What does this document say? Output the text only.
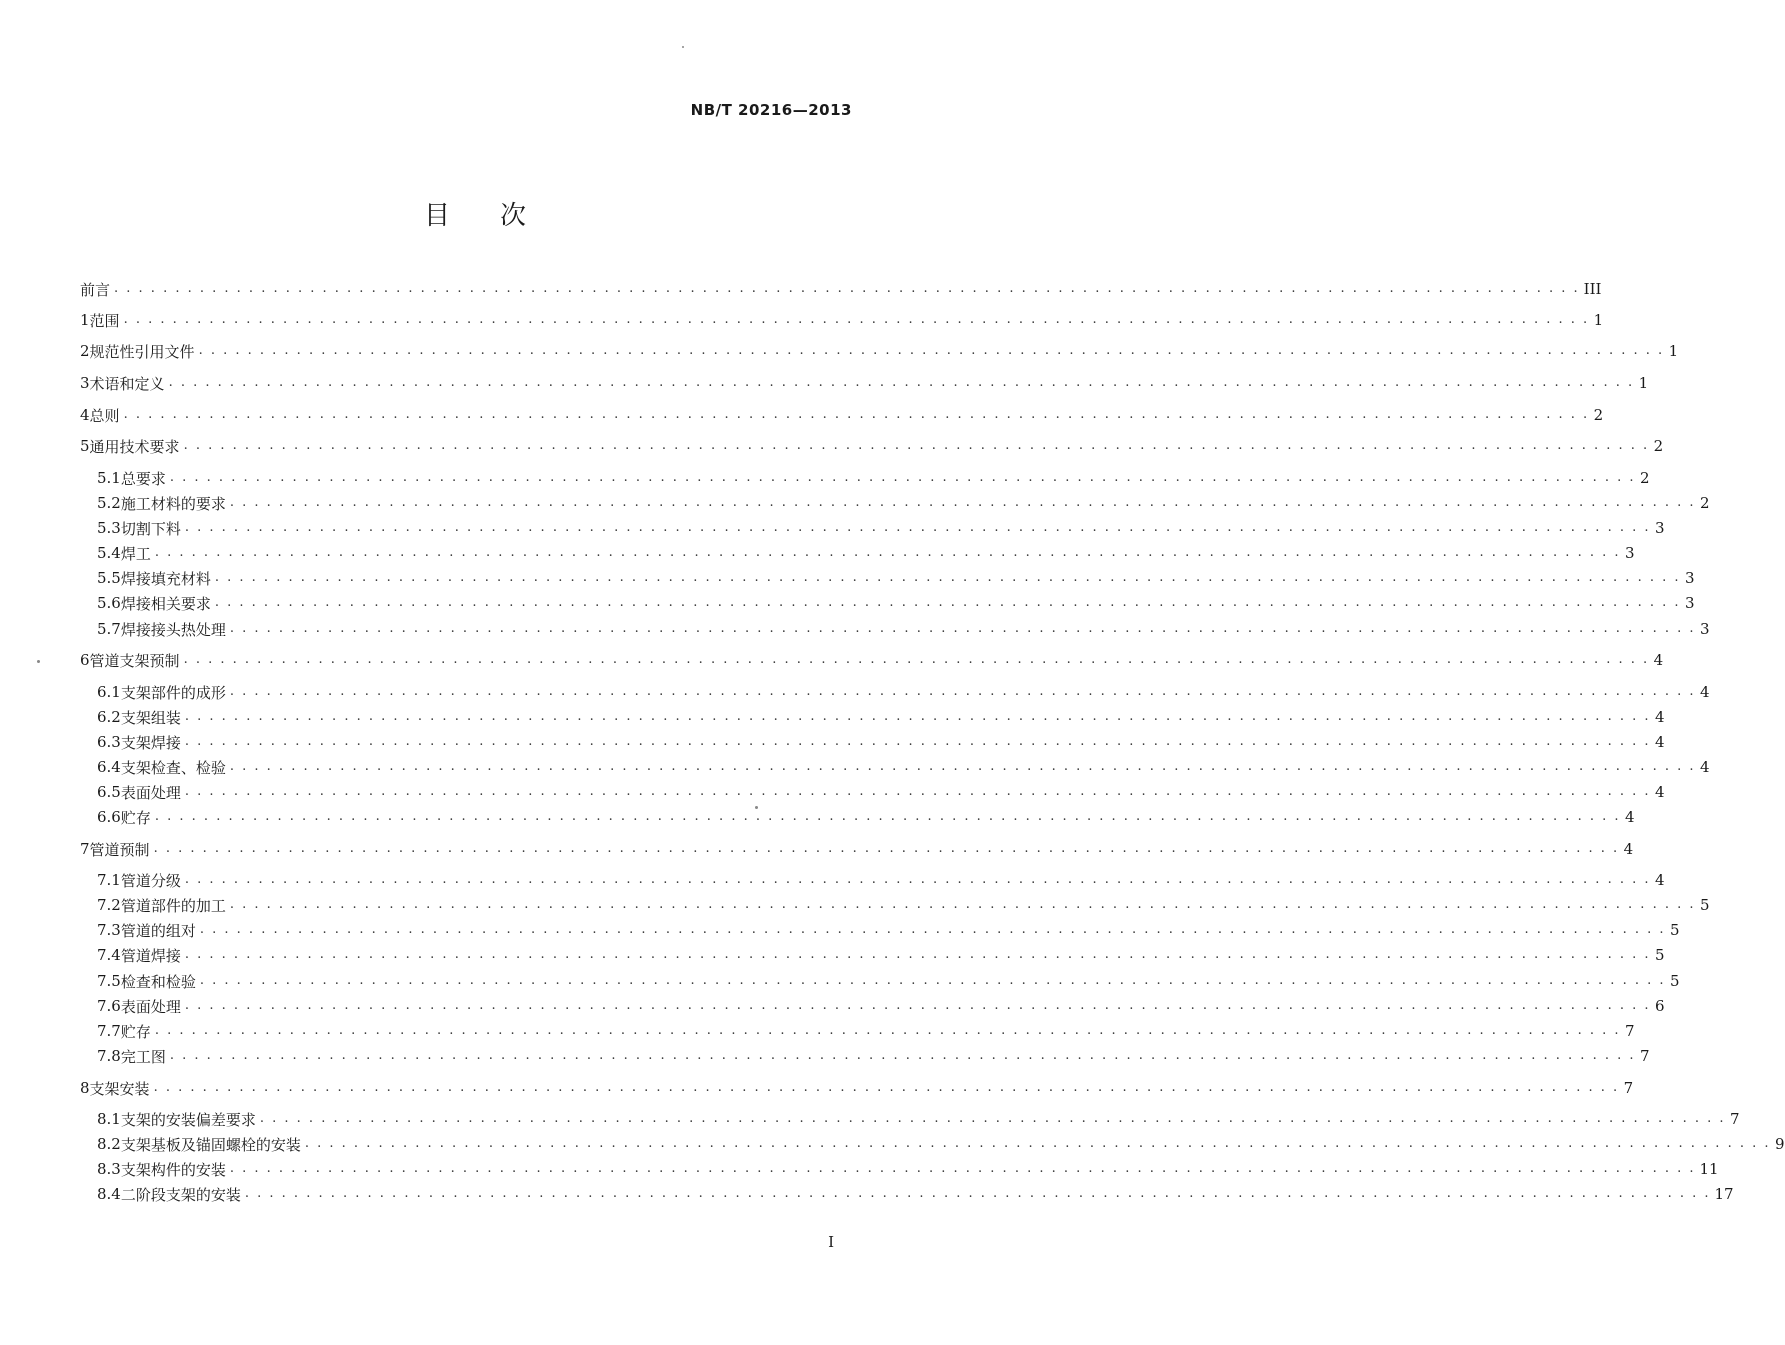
NB/T 20216—2013
目 次
前言 . . . . . . . . . . . . . . . . . . . . . . . . . . . . . . . . . . . . . . . . . . . . . . . . . . . . . . . . . . . . . . . . . . . . . . . . . . . . . . . . . . . . . . . . . . . . . . . . . . . . . . . . . . . . . . . . . . . . . . . . III
1 范围 . . . . . . . . . . . . . . . . . . . . . . . . . . . . . . . . . . . . . . . . . . . . . . . . . . . . . . . . . . . . . . . . . . . . . . . . . . . . . . . . . . . . . . . . . . . . . . . . . . . . . . . . . . . . . . . . . . . . . . . . 1
2 规范性引用文件 . . . . . . . . . . . . . . . . . . . . . . . . . . . . . . . . . . . . . . . . . . . . . . . . . . . . . . . . . . . . . . . . . . . . . . . . . . . . . . . . . . . . . . . . . . . . . . . . . . . . . . . . . . . . . . . . . . . . . . . . 1
3 术语和定义 . . . . . . . . . . . . . . . . . . . . . . . . . . . . . . . . . . . . . . . . . . . . . . . . . . . . . . . . . . . . . . . . . . . . . . . . . . . . . . . . . . . . . . . . . . . . . . . . . . . . . . . . . . . . . . . . . . . . . . . . 1
4 总则 . . . . . . . . . . . . . . . . . . . . . . . . . . . . . . . . . . . . . . . . . . . . . . . . . . . . . . . . . . . . . . . . . . . . . . . . . . . . . . . . . . . . . . . . . . . . . . . . . . . . . . . . . . . . . . . . . . . . . . . . 2
5 通用技术要求 . . . . . . . . . . . . . . . . . . . . . . . . . . . . . . . . . . . . . . . . . . . . . . . . . . . . . . . . . . . . . . . . . . . . . . . . . . . . . . . . . . . . . . . . . . . . . . . . . . . . . . . . . . . . . . . . . . . . . . . . 2
5.1 总要求 . . . . . . . . . . . . . . . . . . . . . . . . . . . . . . . . . . . . . . . . . . . . . . . . . . . . . . . . . . . . . . . . . . . . . . . . . . . . . . . . . . . . . . . . . . . . . . . . . . . . . . . . . . . . . . . . . . . . . . . . 2
5.2 施工材料的要求 . . . . . . . . . . . . . . . . . . . . . . . . . . . . . . . . . . . . . . . . . . . . . . . . . . . . . . . . . . . . . . . . . . . . . . . . . . . . . . . . . . . . . . . . . . . . . . . . . . . . . . . . . . . . . . . . . . . . . . . . 2
5.3 切割下料 . . . . . . . . . . . . . . . . . . . . . . . . . . . . . . . . . . . . . . . . . . . . . . . . . . . . . . . . . . . . . . . . . . . . . . . . . . . . . . . . . . . . . . . . . . . . . . . . . . . . . . . . . . . . . . . . . . . . . . . . 3
5.4 焊工 . . . . . . . . . . . . . . . . . . . . . . . . . . . . . . . . . . . . . . . . . . . . . . . . . . . . . . . . . . . . . . . . . . . . . . . . . . . . . . . . . . . . . . . . . . . . . . . . . . . . . . . . . . . . . . . . . . . . . . . . 3
5.5 焊接填充材料 . . . . . . . . . . . . . . . . . . . . . . . . . . . . . . . . . . . . . . . . . . . . . . . . . . . . . . . . . . . . . . . . . . . . . . . . . . . . . . . . . . . . . . . . . . . . . . . . . . . . . . . . . . . . . . . . . . . . . . . . 3
5.6 焊接相关要求 . . . . . . . . . . . . . . . . . . . . . . . . . . . . . . . . . . . . . . . . . . . . . . . . . . . . . . . . . . . . . . . . . . . . . . . . . . . . . . . . . . . . . . . . . . . . . . . . . . . . . . . . . . . . . . . . . . . . . . . . 3
5.7 焊接接头热处理 . . . . . . . . . . . . . . . . . . . . . . . . . . . . . . . . . . . . . . . . . . . . . . . . . . . . . . . . . . . . . . . . . . . . . . . . . . . . . . . . . . . . . . . . . . . . . . . . . . . . . . . . . . . . . . . . . . . . . . . . 3
6 管道支架预制 . . . . . . . . . . . . . . . . . . . . . . . . . . . . . . . . . . . . . . . . . . . . . . . . . . . . . . . . . . . . . . . . . . . . . . . . . . . . . . . . . . . . . . . . . . . . . . . . . . . . . . . . . . . . . . . . . . . . . . . . 4
6.1 支架部件的成形 . . . . . . . . . . . . . . . . . . . . . . . . . . . . . . . . . . . . . . . . . . . . . . . . . . . . . . . . . . . . . . . . . . . . . . . . . . . . . . . . . . . . . . . . . . . . . . . . . . . . . . . . . . . . . . . . . . . . . . . . 4
6.2 支架组装 . . . . . . . . . . . . . . . . . . . . . . . . . . . . . . . . . . . . . . . . . . . . . . . . . . . . . . . . . . . . . . . . . . . . . . . . . . . . . . . . . . . . . . . . . . . . . . . . . . . . . . . . . . . . . . . . . . . . . . . . 4
6.3 支架焊接 . . . . . . . . . . . . . . . . . . . . . . . . . . . . . . . . . . . . . . . . . . . . . . . . . . . . . . . . . . . . . . . . . . . . . . . . . . . . . . . . . . . . . . . . . . . . . . . . . . . . . . . . . . . . . . . . . . . . . . . . 4
6.4 支架检查、检验 . . . . . . . . . . . . . . . . . . . . . . . . . . . . . . . . . . . . . . . . . . . . . . . . . . . . . . . . . . . . . . . . . . . . . . . . . . . . . . . . . . . . . . . . . . . . . . . . . . . . . . . . . . . . . . . . . . . . . . . . 4
6.5 表面处理 . . . . . . . . . . . . . . . . . . . . . . . . . . . . . . . . . . . . . . . . . . . . . . . . . . . . . . . . . . . . . . . . . . . . . . . . . . . . . . . . . . . . . . . . . . . . . . . . . . . . . . . . . . . . . . . . . . . . . . . . 4
6.6 贮存 . . . . . . . . . . . . . . . . . . . . . . . . . . . . . . . . . . . . . . . . . . . . . . . . . . . . . . . . . . . . . . . . . . . . . . . . . . . . . . . . . . . . . . . . . . . . . . . . . . . . . . . . . . . . . . . . . . . . . . . . 4
7 管道预制 . . . . . . . . . . . . . . . . . . . . . . . . . . . . . . . . . . . . . . . . . . . . . . . . . . . . . . . . . . . . . . . . . . . . . . . . . . . . . . . . . . . . . . . . . . . . . . . . . . . . . . . . . . . . . . . . . . . . . . . . 4
7.1 管道分级 . . . . . . . . . . . . . . . . . . . . . . . . . . . . . . . . . . . . . . . . . . . . . . . . . . . . . . . . . . . . . . . . . . . . . . . . . . . . . . . . . . . . . . . . . . . . . . . . . . . . . . . . . . . . . . . . . . . . . . . . 4
7.2 管道部件的加工 . . . . . . . . . . . . . . . . . . . . . . . . . . . . . . . . . . . . . . . . . . . . . . . . . . . . . . . . . . . . . . . . . . . . . . . . . . . . . . . . . . . . . . . . . . . . . . . . . . . . . . . . . . . . . . . . . . . . . . . . 5
7.3 管道的组对 . . . . . . . . . . . . . . . . . . . . . . . . . . . . . . . . . . . . . . . . . . . . . . . . . . . . . . . . . . . . . . . . . . . . . . . . . . . . . . . . . . . . . . . . . . . . . . . . . . . . . . . . . . . . . . . . . . . . . . . . 5
7.4 管道焊接 . . . . . . . . . . . . . . . . . . . . . . . . . . . . . . . . . . . . . . . . . . . . . . . . . . . . . . . . . . . . . . . . . . . . . . . . . . . . . . . . . . . . . . . . . . . . . . . . . . . . . . . . . . . . . . . . . . . . . . . . 5
7.5 检查和检验 . . . . . . . . . . . . . . . . . . . . . . . . . . . . . . . . . . . . . . . . . . . . . . . . . . . . . . . . . . . . . . . . . . . . . . . . . . . . . . . . . . . . . . . . . . . . . . . . . . . . . . . . . . . . . . . . . . . . . . . . 5
7.6 表面处理 . . . . . . . . . . . . . . . . . . . . . . . . . . . . . . . . . . . . . . . . . . . . . . . . . . . . . . . . . . . . . . . . . . . . . . . . . . . . . . . . . . . . . . . . . . . . . . . . . . . . . . . . . . . . . . . . . . . . . . . . 6
7.7 贮存 . . . . . . . . . . . . . . . . . . . . . . . . . . . . . . . . . . . . . . . . . . . . . . . . . . . . . . . . . . . . . . . . . . . . . . . . . . . . . . . . . . . . . . . . . . . . . . . . . . . . . . . . . . . . . . . . . . . . . . . . 7
7.8 完工图 . . . . . . . . . . . . . . . . . . . . . . . . . . . . . . . . . . . . . . . . . . . . . . . . . . . . . . . . . . . . . . . . . . . . . . . . . . . . . . . . . . . . . . . . . . . . . . . . . . . . . . . . . . . . . . . . . . . . . . . . 7
8 支架安装 . . . . . . . . . . . . . . . . . . . . . . . . . . . . . . . . . . . . . . . . . . . . . . . . . . . . . . . . . . . . . . . . . . . . . . . . . . . . . . . . . . . . . . . . . . . . . . . . . . . . . . . . . . . . . . . . . . . . . . . . 7
8.1 支架的安装偏差要求 . . . . . . . . . . . . . . . . . . . . . . . . . . . . . . . . . . . . . . . . . . . . . . . . . . . . . . . . . . . . . . . . . . . . . . . . . . . . . . . . . . . . . . . . . . . . . . . . . . . . . . . . . . . . . . . . . . . . . . . . 7
8.2 支架基板及锚固螺栓的安装 . . . . . . . . . . . . . . . . . . . . . . . . . . . . . . . . . . . . . . . . . . . . . . . . . . . . . . . . . . . . . . . . . . . . . . . . . . . . . . . . . . . . . . . . . . . . . . . . . . . . . . . . . . . . . . . . . . . . . . . . 9
8.3 支架构件的安装 . . . . . . . . . . . . . . . . . . . . . . . . . . . . . . . . . . . . . . . . . . . . . . . . . . . . . . . . . . . . . . . . . . . . . . . . . . . . . . . . . . . . . . . . . . . . . . . . . . . . . . . . . . . . . . . . . . . . . . . . 11
8.4 二阶段支架的安装 . . . . . . . . . . . . . . . . . . . . . . . . . . . . . . . . . . . . . . . . . . . . . . . . . . . . . . . . . . . . . . . . . . . . . . . . . . . . . . . . . . . . . . . . . . . . . . . . . . . . . . . . . . . . . . . . . . . . . . . . 17
I
